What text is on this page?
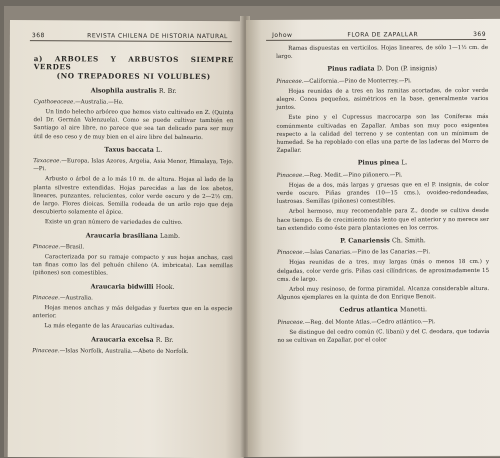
368	REVISTA CHILENA DE HISTORIA NATURAL
a) ARBOLES Y ARBUSTOS SIEMPRE VERDES
(NO TREPADORES NI VOLUBLES)
Alsophila australis R. Br.
Cyathoeaceae.—Australia.—He.

Un lindo helecho arbóreo que hemos visto cultivado en Z. (Quinta del Dr. Germán Valenzuela). Como se puede cultivar también en Santiago al aire libre, no parece que sea tan delicado para ser muy útil de eso ceso y de muy bien en el aire libre del balneario.

Taxus baccata L.
Taxaceae.—Europa, Islas Azores, Argelia, Asia Menor, Himalaya, Tejo.—Pi.

Arbusto o árbol de a lo más 10 m. de altura. Hojas al lado de la planta silvestre extendidas. Hojas parecidas a las de los abetos, lineares, punzantes, relucientes, color verde oscuro y de 2—2½ cm. de largo. Flores dioicas. Semilla rodeada de un arilo rojo que deja descubierto solamente el ápice.

Existe un gran número de variedades de cultivo.

Araucaria brasiliana Lamb.
Pinaceae.—Brasil.

Caracterizada por su ramaje compacto y sus hojas anchas, casi tan finas como las del pehuén chileno (A. imbricata). Las semillas (piñones) son comestibles.

Araucaria bidwilli Hook.
Pinaceae.—Australia.

Hojas menos anchas y más delgadas y fuertes que en la especie anterior.

La más elegante de las Araucarias cultivadas.

Araucaria excelsa R. Br.
Pinaceae.—Islas Norfolk, Australia.—Abeto de Norfolk.
Johow	FLORA DE ZAPALLAR	369

Ramas dispuestas en verticilos. Hojas lineares, de sólo 1—1½ cm. de largo.

Pinus radiata D. Don (P. insignis)
Pinaceae.—California.—Pino de Monterrey.—Pi.

Hojas reunidas de a tres en las ramitas acortadas, de color verde alegre. Conos pequeños, asimétricos en la base, generalmente varios juntos.

Este pino y el Cupressus macrocarpa son las Coníferas más comúnmente cultivadas en Zapallar. Ambas son muy poco exigentes respecto a la calidad del terreno y se contentan con un mínimum de humedad. Se ha repoblado con ellas una parte de las laderas del Morro de Zapallar.

Pinus pinea L.
Pinaceae.—Reg. Medit.—Pino piñonero.—Pi.

Hojas de a dos, más largas y gruesas que en el P. insignis, de color verde oscuro. Piñas grandes (10—15 cms.), ovoideo-redondeadas, lustrosas. Semillas (piñones) comestibles.

Arbol hermoso, muy recomendable para Z., donde se cultiva desde hace tiempo. Es de crecimiento más lento que el anterior y no merece ser tan extendido como éste para plantaciones en los cerros.

P. Canariensis Ch. Smith.
Pinaceae.—Islas Canarias.—Pino de las Canarias.—Pi.

Hojas reunidas de a tres, muy largas (más o menos 18 cm.) y delgadas, color verde gris. Piñas casi cilíndricas, de aproximadamente 15 cms. de largo.

Arbol muy resinoso, de forma piramidal. Alcanza considerable altura. Algunos ejemplares en la quinta de don Enrique Benoit.

Cedrus atlantica Manetti.
Pinaceae.—Reg. del Monte Atlas.—Cedro atlántico.—Pi.

Se distingue del cedro común (C. libani) y del C. deodara, que todavía no se cultivan en Zapallar, por el color
